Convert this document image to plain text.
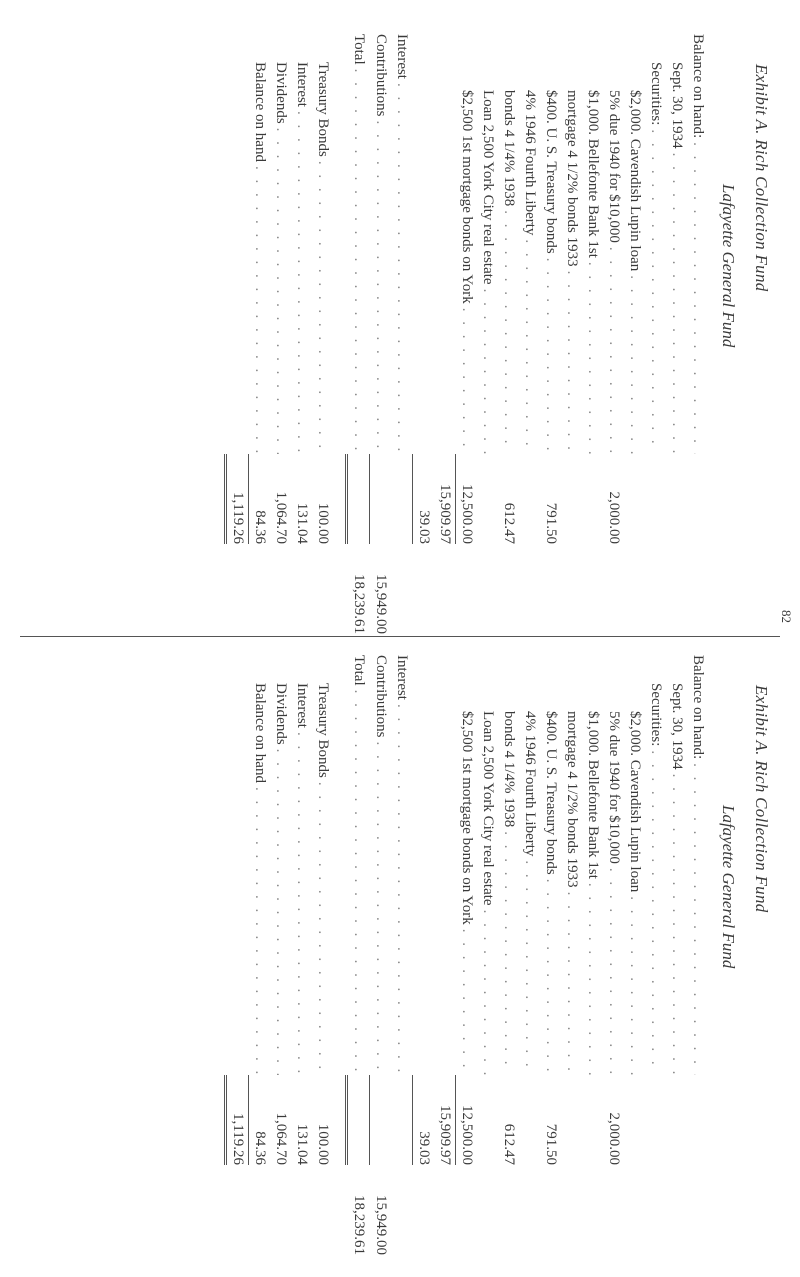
82
Exhibit A. Rich Collection Fund
Lafayette General Fund
Balance on hand:
. . .
Sept. 30, 1934
. . .
Securities:
. . .
$2,000. Cavendish Lupin loan
. . .
5% due 1940 for $10,000
. . .
2,000.00
$1,000. Bellefonte Bank 1st
. . .
mortgage 4 1/2% bonds 1933
. . .
$400. U. S. Treasury bonds
. . .
791.50
4% 1946 Fourth Liberty
. . .
bonds 4 1/4% 1938
. . .
612.47
Loan 2,500 York City real estate
. . .
$2,500 1st mortgage bonds on York
. . .
12,500.00
15,909.97
39.03
Interest
. . .
Contributions
. . .
15,949.00
Total
. . .
18,239.61
Treasury Bonds
. . .
100.00
Interest
. . .
131.04
Dividends
. . .
1,064.70
Balance on hand
. . .
84.36
1,119.26
Exhibit A. Rich Collection Fund
Lafayette General Fund
Balance on hand:
. . .
Sept. 30, 1934
. . .
Securities:
. . .
$2,000. Cavendish Lupin loan
. . .
5% due 1940 for $10,000
. . .
2,000.00
$1,000. Bellefonte Bank 1st
. . .
mortgage 4 1/2% bonds 1933
. . .
$400. U. S. Treasury bonds
. . .
791.50
4% 1946 Fourth Liberty
. . .
bonds 4 1/4% 1938
. . .
612.47
Loan 2,500 York City real estate
. . .
$2,500 1st mortgage bonds on York
. . .
12,500.00
15,909.97
39.03
Interest
. . .
Contributions
. . .
15,949.00
Total
. . .
18,239.61
Treasury Bonds
. . .
100.00
Interest
. . .
131.04
Dividends
. . .
1,064.70
Balance on hand
. . .
84.36
1,119.26
